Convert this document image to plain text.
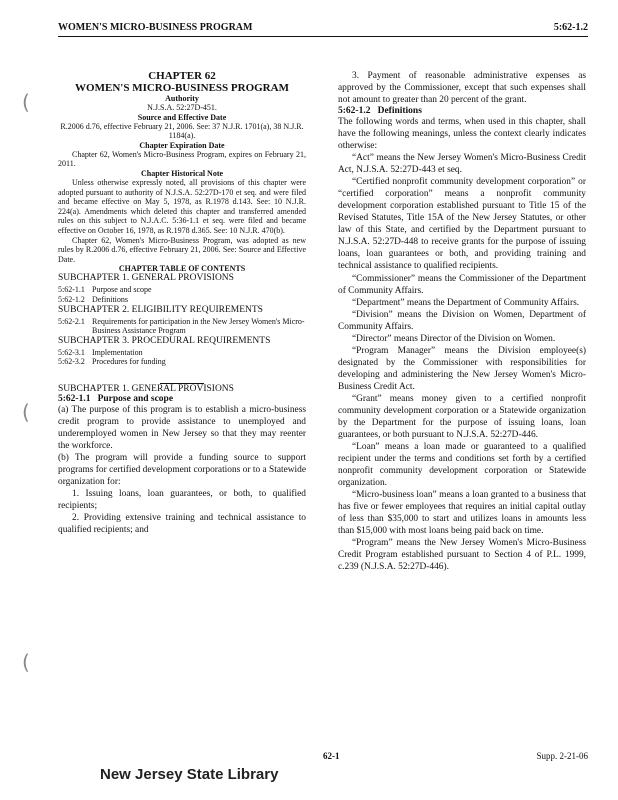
WOMEN'S MICRO-BUSINESS PROGRAM	5:62-1.2
(
(
(

CHAPTER 62

WOMEN'S MICRO-BUSINESS PROGRAM

Authority

N.J.S.A. 52:27D-451.

Source and Effective Date

R.2006 d.76, effective February 21, 2006. See: 37 N.J.R. 1701(a), 38 N.J.R. 1184(a).

Chapter Expiration Date

Chapter 62, Women's Micro-Business Program, expires on February 21, 2011.

Chapter Historical Note

Unless otherwise expressly noted, all provisions of this chapter were adopted pursuant to authority of N.J.S.A. 52:27D-170 et seq. and were filed and became effective on May 5, 1978, as R.1978 d.143. See: 10 N.J.R. 224(a). Amendments which deleted this chapter and transferred amended rules on this subject to N.J.A.C. 5:36-1.1 et seq. were filed and became effective on October 16, 1978, as R.1978 d.365. See: 10 N.J.R. 470(b).

Chapter 62, Women's Micro-Business Program, was adopted as new rules by R.2006 d.76, effective February 21, 2006. See: Source and Effective Date.

CHAPTER TABLE OF CONTENTS

SUBCHAPTER 1. GENERAL PROVISIONS

5:62-1.1 Purpose and scope
5:62-1.2 Definitions

SUBCHAPTER 2. ELIGIBILITY REQUIREMENTS

5:62-2.1 Requirements for participation in the New Jersey Women's Micro-Business Assistance Program

SUBCHAPTER 3. PROCEDURAL REQUIREMENTS

5:62-3.1 Implementation
5:62-3.2 Procedures for funding

SUBCHAPTER 1. GENERAL PROVISIONS

5:62-1.1 Purpose and scope

(a) The purpose of this program is to establish a micro-business credit program to provide assistance to unemployed and underemployed women in New Jersey so that they may reenter the workforce.

(b) The program will provide a funding source to support programs for certified development corporations or to a Statewide organization for:

1. Issuing loans, loan guarantees, or both, to qualified recipients;

2. Providing extensive training and technical assistance to qualified recipients; and

3. Payment of reasonable administrative expenses as approved by the Commissioner, except that such expenses shall not amount to greater than 20 percent of the grant.

5:62-1.2 Definitions

The following words and terms, when used in this chapter, shall have the following meanings, unless the context clearly indicates otherwise:

“Act” means the New Jersey Women's Micro-Business Credit Act, N.J.S.A. 52:27D-443 et seq.

“Certified nonprofit community development corporation” or “certified corporation” means a nonprofit community development corporation established pursuant to Title 15 of the Revised Statutes, Title 15A of the New Jersey Statutes, or other law of this State, and certified by the Department pursuant to N.J.S.A. 52:27D-448 to receive grants for the purpose of issuing loans, loan guarantees or both, and providing training and technical assistance to qualified recipients.

“Commissioner” means the Commissioner of the Department of Community Affairs.

“Department” means the Department of Community Affairs.

“Division” means the Division on Women, Department of Community Affairs.

“Director” means Director of the Division on Women.

“Program Manager” means the Division employee(s) designated by the Commissioner with responsibilities for developing and administering the New Jersey Women's Micro-Business Credit Act.

“Grant” means money given to a certified nonprofit community development corporation or a Statewide organization by the Department for the purpose of issuing loans, loan guarantees, or both pursuant to N.J.S.A. 52:27D-446.

“Loan” means a loan made or guaranteed to a qualified recipient under the terms and conditions set forth by a certified nonprofit community development corporation or Statewide organization.

“Micro-business loan” means a loan granted to a business that has five or fewer employees that requires an initial capital outlay of less than $35,000 to start and utilizes loans in amounts less than $15,000 with most loans being paid back on time.

“Program” means the New Jersey Women's Micro-Business Credit Program established pursuant to Section 4 of P.L. 1999, c.239 (N.J.S.A. 52:27D-446).

62-1	Supp. 2-21-06
New Jersey State Library
